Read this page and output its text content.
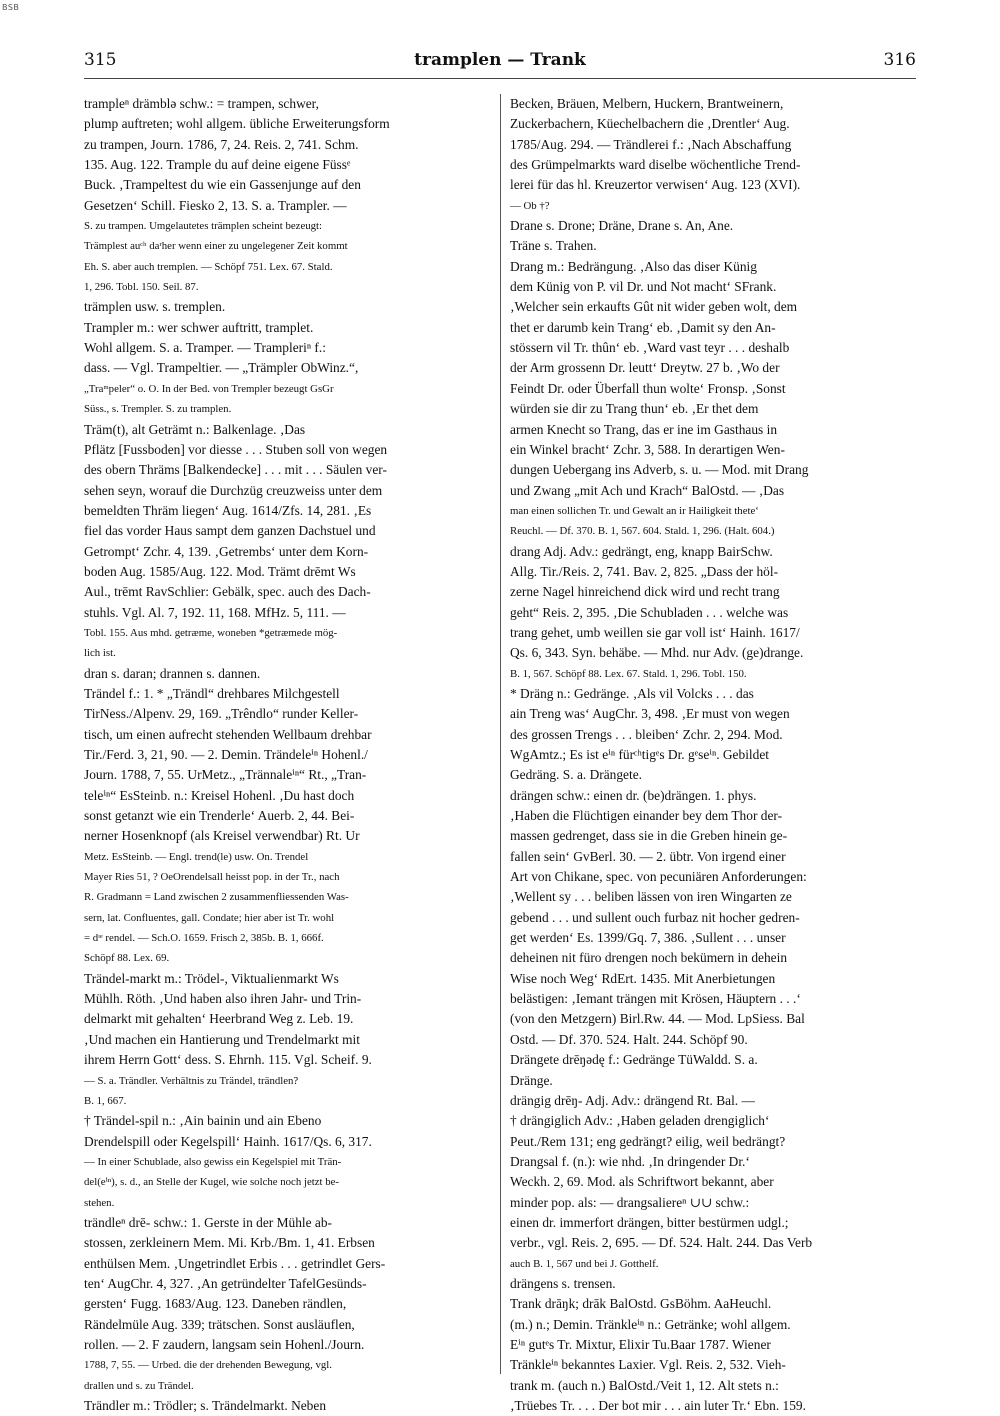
BSB
315	tramplen — Trank	316

trampleⁿ drämblə schw.: = trampen, schwer,

plump auftreten; wohl allgem. übliche Erweiterungsform

zu trampen, Journ. 1786, 7, 24. Reis. 2, 741. Schm.

135. Aug. 122. Trample du auf deine eigene Füssᵉ

Buck. ‚Trampeltest du wie ein Gassenjunge auf den

Gesetzen‘ Schill. Fiesko 2, 13. S. a. Trampler. —

S. zu trampen. Umgelautetes trämplen scheint bezeugt:

Trämplest auᶜʰ daʳher wenn einer zu ungelegener Zeit kommt

Eh. S. aber auch tremplen. — Schöpf 751. Lex. 67. Stald.

1, 296. Tobl. 150. Seil. 87.

trämplen usw. s. tremplen.

Trampler m.: wer schwer auftritt, tramplet.

Wohl allgem. S. a. Tramper. — Trampleriⁿ f.:

dass. — Vgl. Trampeltier. — „Trämpler ObWinz.“,

„Traᵐpeler“ o. O. In der Bed. von Trempler bezeugt GsGr

Süss., s. Trempler. S. zu tramplen.

Träm(t), alt Geträmt n.: Balkenlage. ‚Das

Pflätz [Fussboden] vor diesse . . . Stuben soll von wegen

des obern Thräms [Balkendecke] . . . mit . . . Säulen ver-

sehen seyn, worauf die Durchzüg creuzweiss unter dem

bemeldten Thräm liegen‘ Aug. 1614/Zfs. 14, 281. ‚Es

fiel das vorder Haus sampt dem ganzen Dachstuel und

Getrompt‘ Zchr. 4, 139. ‚Getrembs‘ unter dem Korn-

boden Aug. 1585/Aug. 122. Mod. Trämt drēmt Ws

Aul., trēmt RavSchlier: Gebälk, spec. auch des Dach-

stuhls. Vgl. Al. 7, 192. 11, 168. MfHz. 5, 111. —

Tobl. 155. Aus mhd. getræme, woneben *getræmede mög-

lich ist.

dran s. daran; drannen s. dannen.

Trändel f.: 1. * „Trändl“ drehbares Milchgestell

TirNess./Alpenv. 29, 169. „Trêndlo“ runder Keller-

tisch, um einen aufrecht stehenden Wellbaum drehbar

Tir./Ferd. 3, 21, 90. — 2. Demin. Trändeleⁱⁿ Hohenl./

Journ. 1788, 7, 55. UrMetz., „Trännaleⁱⁿ“ Rt., „Tran-

teleⁱⁿ“ EsSteinb. n.: Kreisel Hohenl. ‚Du hast doch

sonst getanzt wie ein Trenderle‘ Auerb. 2, 44. Bei-

nerner Hosenknopf (als Kreisel verwendbar) Rt. Ur

Metz. EsSteinb. — Engl. trend(le) usw. On. Trendel

Mayer Ries 51, ? OeOrendelsall heisst pop. in der Tr., nach

R. Gradmann = Land zwischen 2 zusammenfliessenden Was-

sern, lat. Confluentes, gall. Condate; hier aber ist Tr. wohl

= dᶦᵉ rendel. — Sch.O. 1659. Frisch 2, 385b. B. 1, 666f.

Schöpf 88. Lex. 69.

Trändel-markt m.: Trödel-, Viktualienmarkt Ws

Mühlh. Röth. ‚Und haben also ihren Jahr- und Trin-

delmarkt mit gehalten‘ Heerbrand Weg z. Leb. 19.

‚Und machen ein Hantierung und Trendelmarkt mit

ihrem Herrn Gott‘ dess. S. Ehrnh. 115. Vgl. Scheif. 9.

— S. a. Trändler. Verhältnis zu Trändel, trändlen?

B. 1, 667.

† Trändel-spil n.: ‚Ain bainin und ain Ebeno

Drendelspill oder Kegelspill‘ Hainh. 1617/Qs. 6, 317.

— In einer Schublade, also gewiss ein Kegelspiel mit Trän-

del(eⁱⁿ), s. d., an Stelle der Kugel, wie solche noch jetzt be-

stehen.

trändleⁿ drē- schw.: 1. Gerste in der Mühle ab-

stossen, zerkleinern Mem. Mi. Krb./Bm. 1, 41. Erbsen

enthülsen Mem. ‚Ungetrindlet Erbis . . . getrindlet Gers-

ten‘ AugChr. 4, 327. ‚An getründelter TafelGesünds-

gersten‘ Fugg. 1683/Aug. 123. Daneben rändlen,

Rändelmüle Aug. 339; trätschen. Sonst ausläuflen,

rollen. — 2. F zaudern, langsam sein Hohenl./Journ.

1788, 7, 55. — Urbed. die der drehenden Bewegung, vgl.

drallen und s. zu Trändel.

Trändler m.: Trödler; s. Trändelmarkt. Neben

Becken, Bräuen, Melbern, Huckern, Brantweinern,

Zuckerbachern, Küechelbachern die ‚Drentler‘ Aug.

1785/Aug. 294. — Trändlerei f.: ‚Nach Abschaffung

des Grümpelmarkts ward diselbe wöchentliche Trend-

lerei für das hl. Kreuzertor verwisen‘ Aug. 123 (XVI).

— Ob †?

Drane s. Drone; Dräne, Drane s. An, Ane.

Träne s. Trahen.

Drang m.: Bedrängung. ‚Also das diser Künig

dem Künig von P. vil Dr. und Not macht‘ SFrank.

‚Welcher sein erkaufts Gût nit wider geben wolt, dem

thet er darumb kein Trang‘ eb. ‚Damit sy den An-

stössern vil Tr. thûn‘ eb. ‚Ward vast teyr . . . deshalb

der Arm grossenn Dr. leutt‘ Dreytw. 27 b. ‚Wo der

Feindt Dr. oder Überfall thun wolte‘ Fronsp. ‚Sonst

würden sie dir zu Trang thun‘ eb. ‚Er thet dem

armen Knecht so Trang, das er ine im Gasthaus in

ein Winkel bracht‘ Zchr. 3, 588. In derartigen Wen-

dungen Uebergang ins Adverb, s. u. — Mod. mit Drang

und Zwang „mit Ach und Krach“ BalOstd. — ‚Das

man einen sollichen Tr. und Gewalt an ir Hailigkeit thete‘

Reuchl. — Df. 370. B. 1, 567. 604. Stald. 1, 296. (Halt. 604.)

drang Adj. Adv.: gedrängt, eng, knapp BairSchw.

Allg. Tir./Reis. 2, 741. Bav. 2, 825. „Dass der höl-

zerne Nagel hinreichend dick wird und recht trang

geht“ Reis. 2, 395. ‚Die Schubladen . . . welche was

trang gehet, umb weillen sie gar voll ist‘ Hainh. 1617/

Qs. 6, 343. Syn. behäbe. — Mhd. nur Adv. (ge)drange.

B. 1, 567. Schöpf 88. Lex. 67. Stald. 1, 296. Tobl. 150.

* Dräng n.: Gedränge. ‚Als vil Volcks . . . das

ain Treng was‘ AugChr. 3, 498. ‚Er must von wegen

des grossen Trengs . . . bleiben‘ Zchr. 2, 294. Mod.

WgAmtz.; Es ist eⁱⁿ fürᶜʰtigᵉs Dr. gᵉseⁱⁿ. Gebildet

Gedräng. S. a. Drängete.

drängen schw.: einen dr. (be)drängen. 1. phys.

‚Haben die Flüchtigen einander bey dem Thor der-

massen gedrenget, dass sie in die Greben hinein ge-

fallen sein‘ GvBerl. 30. — 2. übtr. Von irgend einer

Art von Chikane, spec. von pecuniären Anforderungen:

‚Wellent sy . . . beliben lässen von iren Wingarten ze

gebend . . . und sullent ouch furbaz nit hocher gedren-

get werden‘ Es. 1399/Gq. 7, 386. ‚Sullent . . . unser

deheinen nit füro drengen noch bekümern in dehein

Wise noch Weg‘ RdErt. 1435. Mit Anerbietungen

belästigen: ‚Iemant trängen mit Krösen, Häuptern . . .‘

(von den Metzgern) Birl.Rw. 44. — Mod. LpSiess. Bal

Ostd. — Df. 370. 524. Halt. 244. Schöpf 90.

Drängete drēŋədę f.: Gedränge TüWaldd. S. a.

Dränge.

drängig drēŋ- Adj. Adv.: drängend Rt. Bal. —

† drängiglich Adv.: ‚Haben geladen drengiglich‘

Peut./Rem 131; eng gedrängt? eilig, weil bedrängt?

Drangsal f. (n.): wie nhd. ‚In dringender Dr.‘

Weckh. 2, 69. Mod. als Schriftwort bekannt, aber

minder pop. als: — drangsaliereⁿ ∪∪ schw.:

einen dr. immerfort drängen, bitter bestürmen udgl.;

verbr., vgl. Reis. 2, 695. — Df. 524. Halt. 244. Das Verb

auch B. 1, 567 und bei J. Gotthelf.

drängens s. trensen.

Trank drāŋk; drāk BalOstd. GsBöhm. AaHeuchl.

(m.) n.; Demin. Tränkleⁱⁿ n.: Getränke; wohl allgem.

Eⁱⁿ gutᵉs Tr. Mixtur, Elixir Tu.Baar 1787. Wiener

Tränkleⁱⁿ bekanntes Laxier. Vgl. Reis. 2, 532. Vieh-

trank m. (auch n.) BalOstd./Veit 1, 12. Alt stets n.:

‚Trüebes Tr. . . . Der bot mir . . . ain luter Tr.‘ Ebn. 159.
